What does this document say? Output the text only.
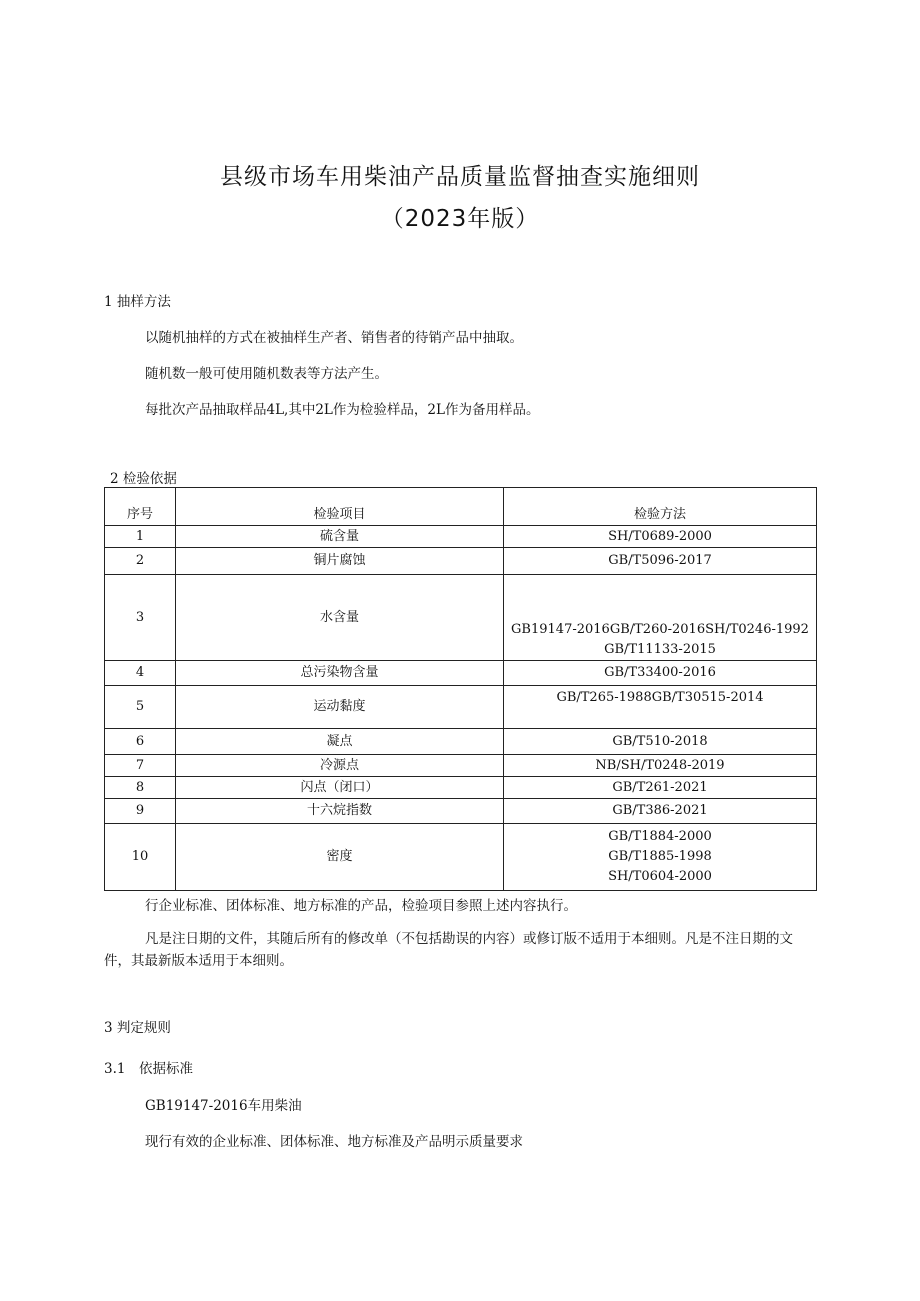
县级市场车用柴油产品质量监督抽查实施细则
（2023年版）
1 抽样方法
以随机抽样的方式在被抽样生产者、销售者的待销产品中抽取。
随机数一般可使用随机数表等方法产生。
每批次产品抽取样品4L,其中2L作为检验样品，2L作为备用样品。
2 检验依据
序号	检验项目	检验方法
1	硫含量	SH/T0689-2000
2	铜片腐蚀	GB/T5096-2017
3	水含量	GB19147-2016GB/T260-2016SH/T0246-1992
GB/T11133-2015

4	总污染物含量	GB/T33400-2016
5	运动黏度	GB/T265-1988GB/T30515-2014
6	凝点	GB/T510-2018
7	冷源点	NB/SH/T0248-2019
8	闪点（闭口）	GB/T261-2021
9	十六烷指数	GB/T386-2021
10	密度	GB/T1884-2000
GB/T1885-1998
SH/T0604-2000
行企业标准、团体标准、地方标准的产品，检验项目参照上述内容执行。
凡是注日期的文件，其随后所有的修改单（不包括勘误的内容）或修订版不适用于本细则。凡是不注日期的文件，其最新版本适用于本细则。
3 判定规则
3.1　依据标准
GB19147-2016车用柴油
现行有效的企业标准、团体标准、地方标准及产品明示质量要求
